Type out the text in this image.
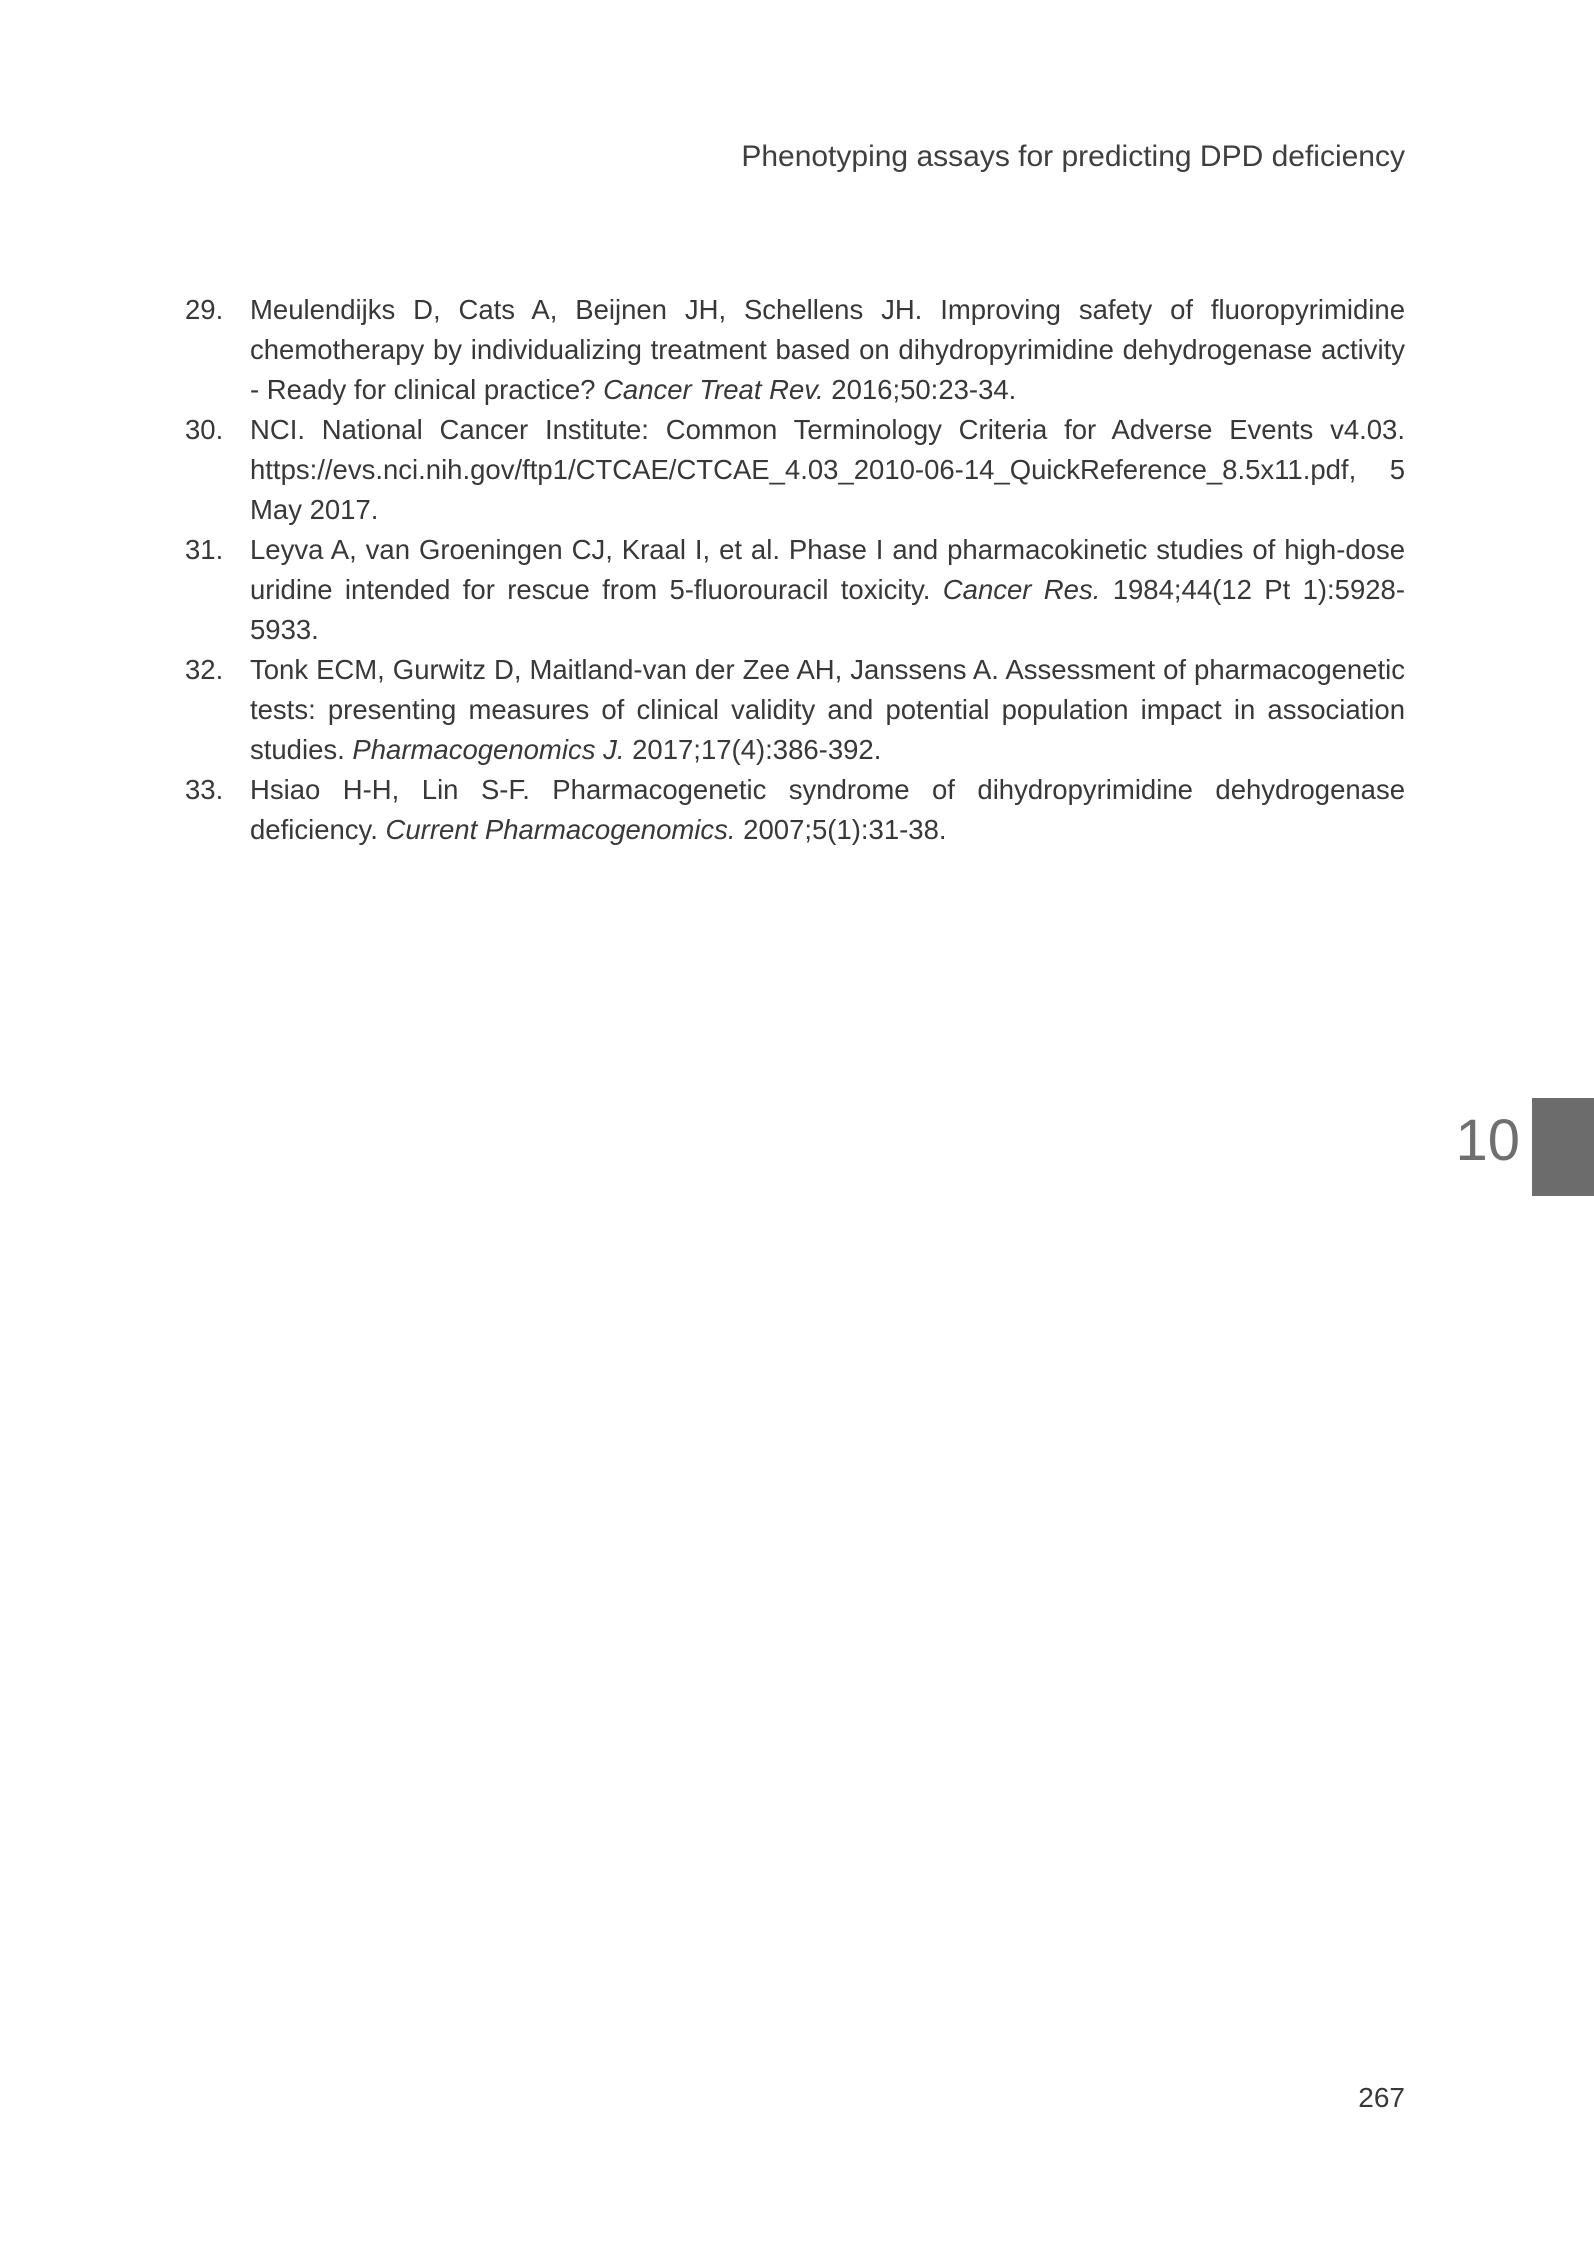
Phenotyping assays for predicting DPD deficiency
29. Meulendijks D, Cats A, Beijnen JH, Schellens JH. Improving safety of fluoropyrimidine chemotherapy by individualizing treatment based on dihydropyrimidine dehydrogenase activity - Ready for clinical practice? Cancer Treat Rev. 2016;50:23-34.

30. NCI. National Cancer Institute: Common Terminology Criteria for Adverse Events v4.03. https://evs.nci.nih.gov/ftp1/CTCAE/CTCAE_4.03_2010-06-14_QuickReference_8.5x11.pdf, 5 May 2017.

31. Leyva A, van Groeningen CJ, Kraal I, et al. Phase I and pharmacokinetic studies of high-dose uridine intended for rescue from 5-fluorouracil toxicity. Cancer Res. 1984;44(12 Pt 1):5928-5933.

32. Tonk ECM, Gurwitz D, Maitland-van der Zee AH, Janssens A. Assessment of pharmacogenetic tests: presenting measures of clinical validity and potential population impact in association studies. Pharmacogenomics J. 2017;17(4):386-392.

33. Hsiao H-H, Lin S-F. Pharmacogenetic syndrome of dihydropyrimidine dehydrogenase deficiency. Current Pharmacogenomics. 2007;5(1):31-38.

10
267
